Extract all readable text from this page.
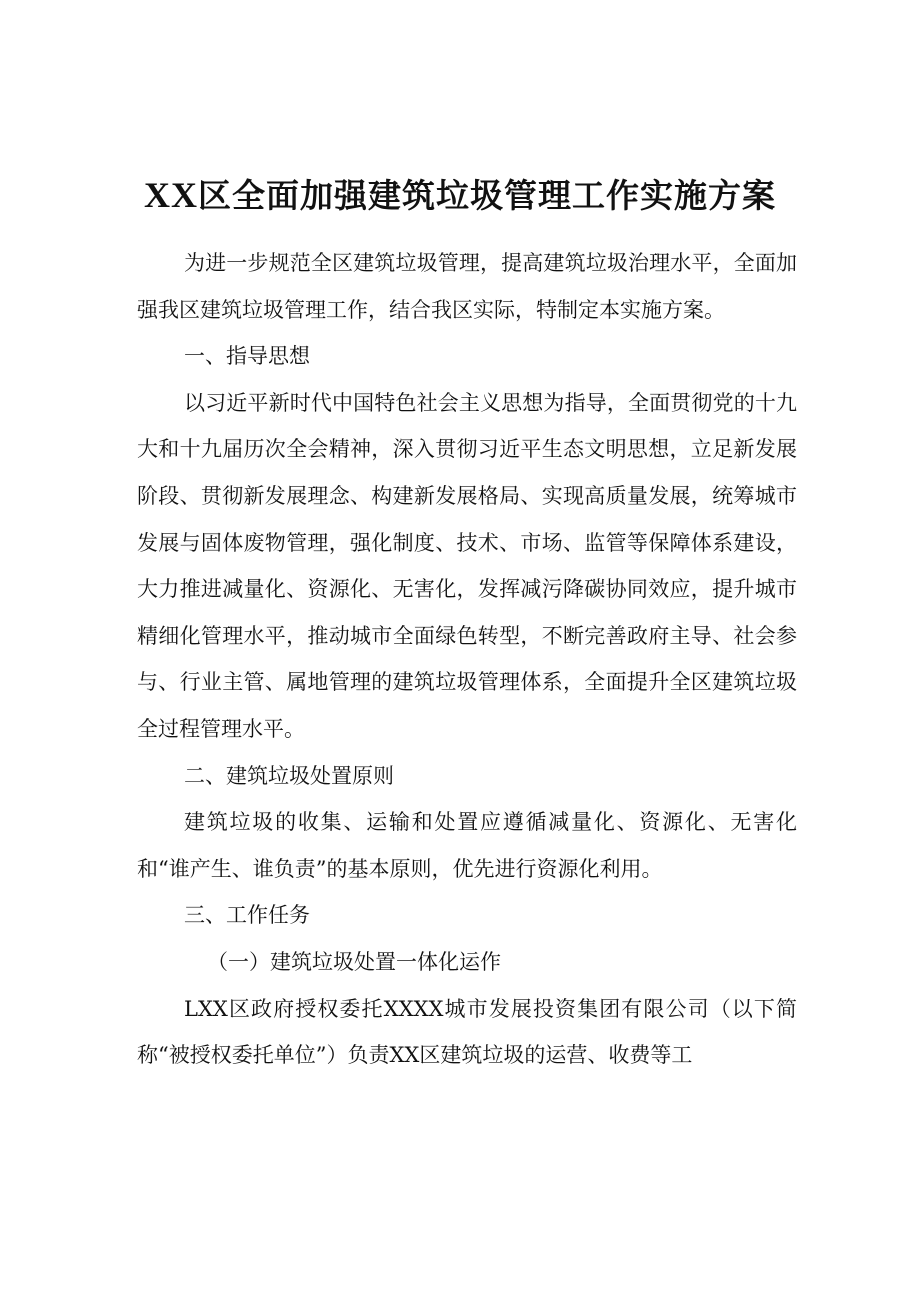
XX区全面加强建筑垃圾管理工作实施方案

为进一步规范全区建筑垃圾管理，提高建筑垃圾治理水平，全面加强我区建筑垃圾管理工作，结合我区实际，特制定本实施方案。

一、指导思想

以习近平新时代中国特色社会主义思想为指导，全面贯彻党的十九大和十九届历次全会精神，深入贯彻习近平生态文明思想，立足新发展阶段、贯彻新发展理念、构建新发展格局、实现高质量发展，统筹城市发展与固体废物管理，强化制度、技术、市场、监管等保障体系建设，大力推进减量化、资源化、无害化，发挥减污降碳协同效应，提升城市精细化管理水平，推动城市全面绿色转型，不断完善政府主导、社会参与、行业主管、属地管理的建筑垃圾管理体系，全面提升全区建筑垃圾全过程管理水平。

二、建筑垃圾处置原则

建筑垃圾的收集、运输和处置应遵循减量化、资源化、无害化和“谁产生、谁负责”的基本原则，优先进行资源化利用。

三、工作任务

（一）建筑垃圾处置一体化运作

LXX区政府授权委托XXXX城市发展投资集团有限公司（以下简称“被授权委托单位”）负责XX区建筑垃圾的运营、收费等工
